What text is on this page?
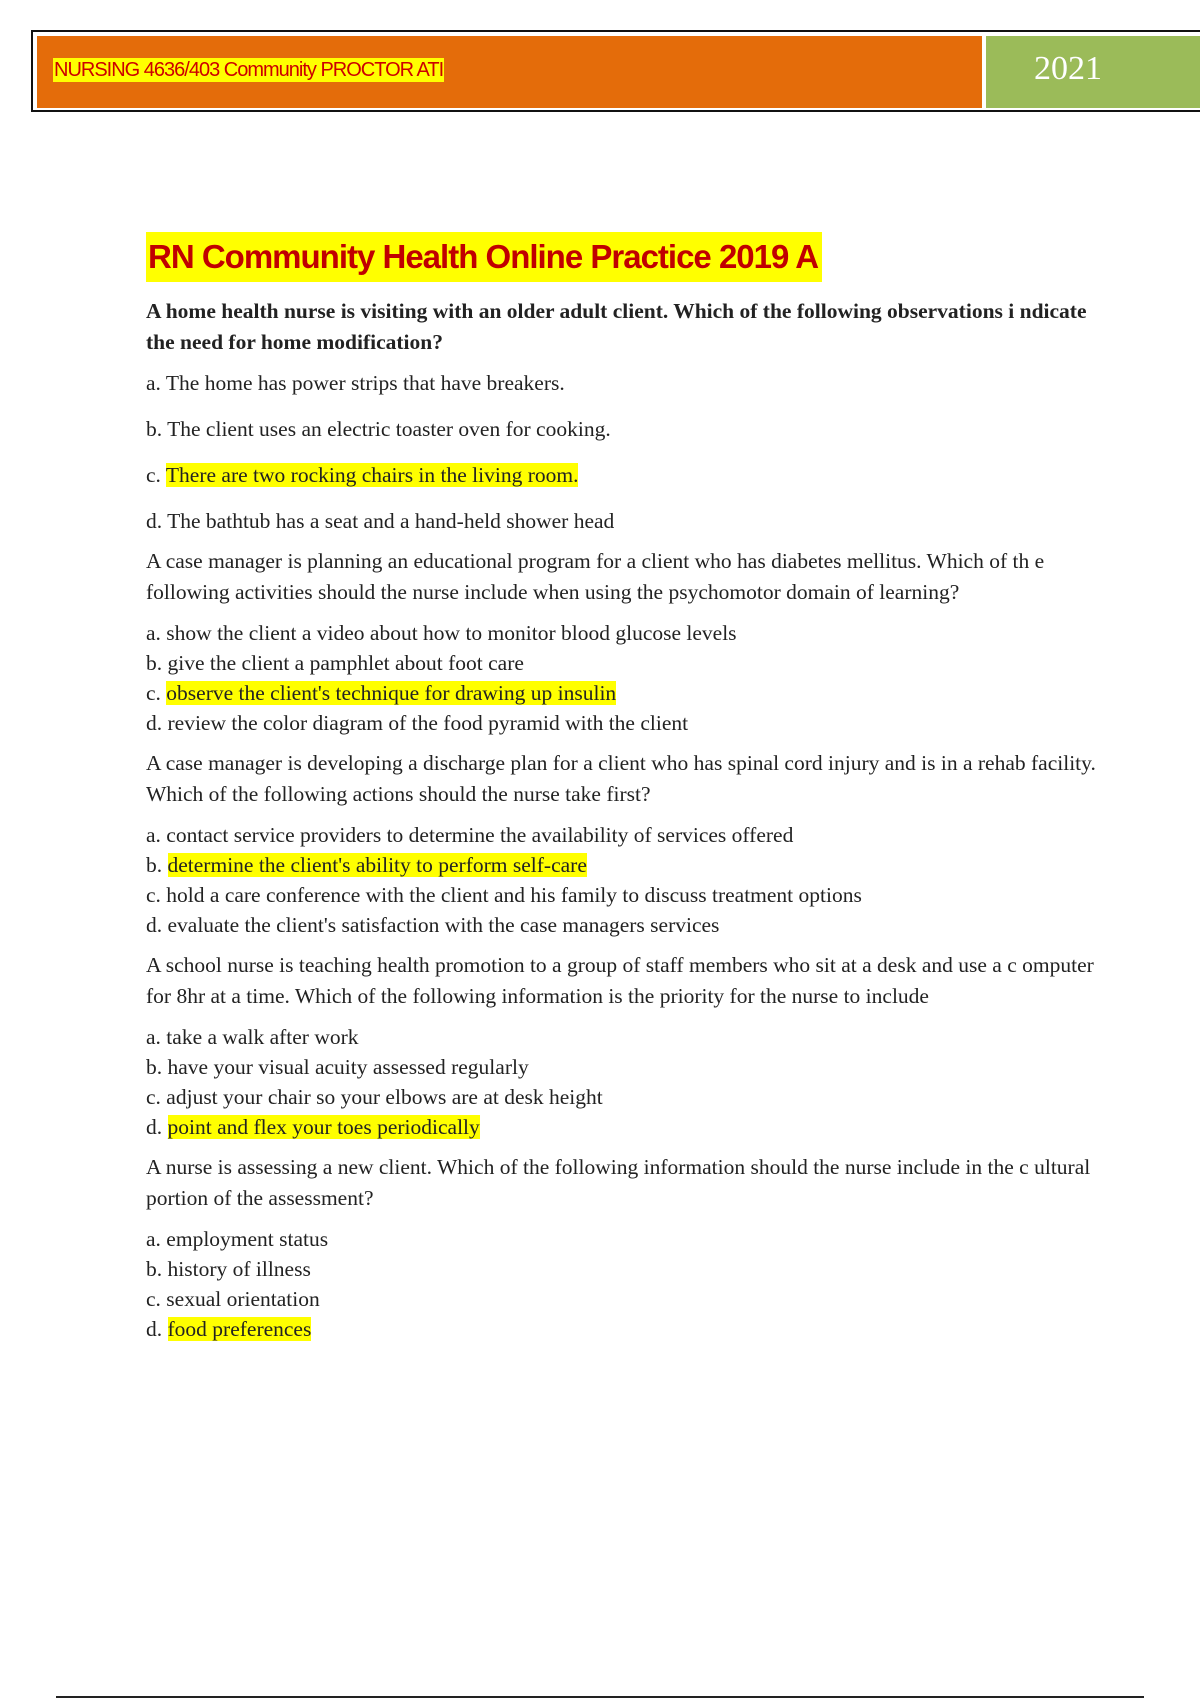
NURSING 4636/403 Community PROCTOR ATI	2021
RN Community Health Online Practice 2019 A
A home health nurse is visiting with an older adult client. Which of the following observations i ndicate the need for home modification?
a. The home has power strips that have breakers.
b. The client uses an electric toaster oven for cooking.
c. There are two rocking chairs in the living room.
d. The bathtub has a seat and a hand-held shower head
A case manager is planning an educational program for a client who has diabetes mellitus. Which of th e following activities should the nurse include when using the psychomotor domain of learning?
a. show the client a video about how to monitor blood glucose levels
b. give the client a pamphlet about foot care
c. observe the client's technique for drawing up insulin
d. review the color diagram of the food pyramid with the client
A case manager is developing a discharge plan for a client who has spinal cord injury and is in a rehab facility. Which of the following actions should the nurse take first?
a. contact service providers to determine the availability of services offered
b. determine the client's ability to perform self-care
c. hold a care conference with the client and his family to discuss treatment options
d. evaluate the client's satisfaction with the case managers services
A school nurse is teaching health promotion to a group of staff members who sit at a desk and use a c omputer for 8hr at a time. Which of the following information is the priority for the nurse to include
a. take a walk after work
b. have your visual acuity assessed regularly
c. adjust your chair so your elbows are at desk height
d. point and flex your toes periodically
A nurse is assessing a new client. Which of the following information should the nurse include in the c ultural portion of the assessment?
a. employment status
b. history of illness
c. sexual orientation
d. food preferences
